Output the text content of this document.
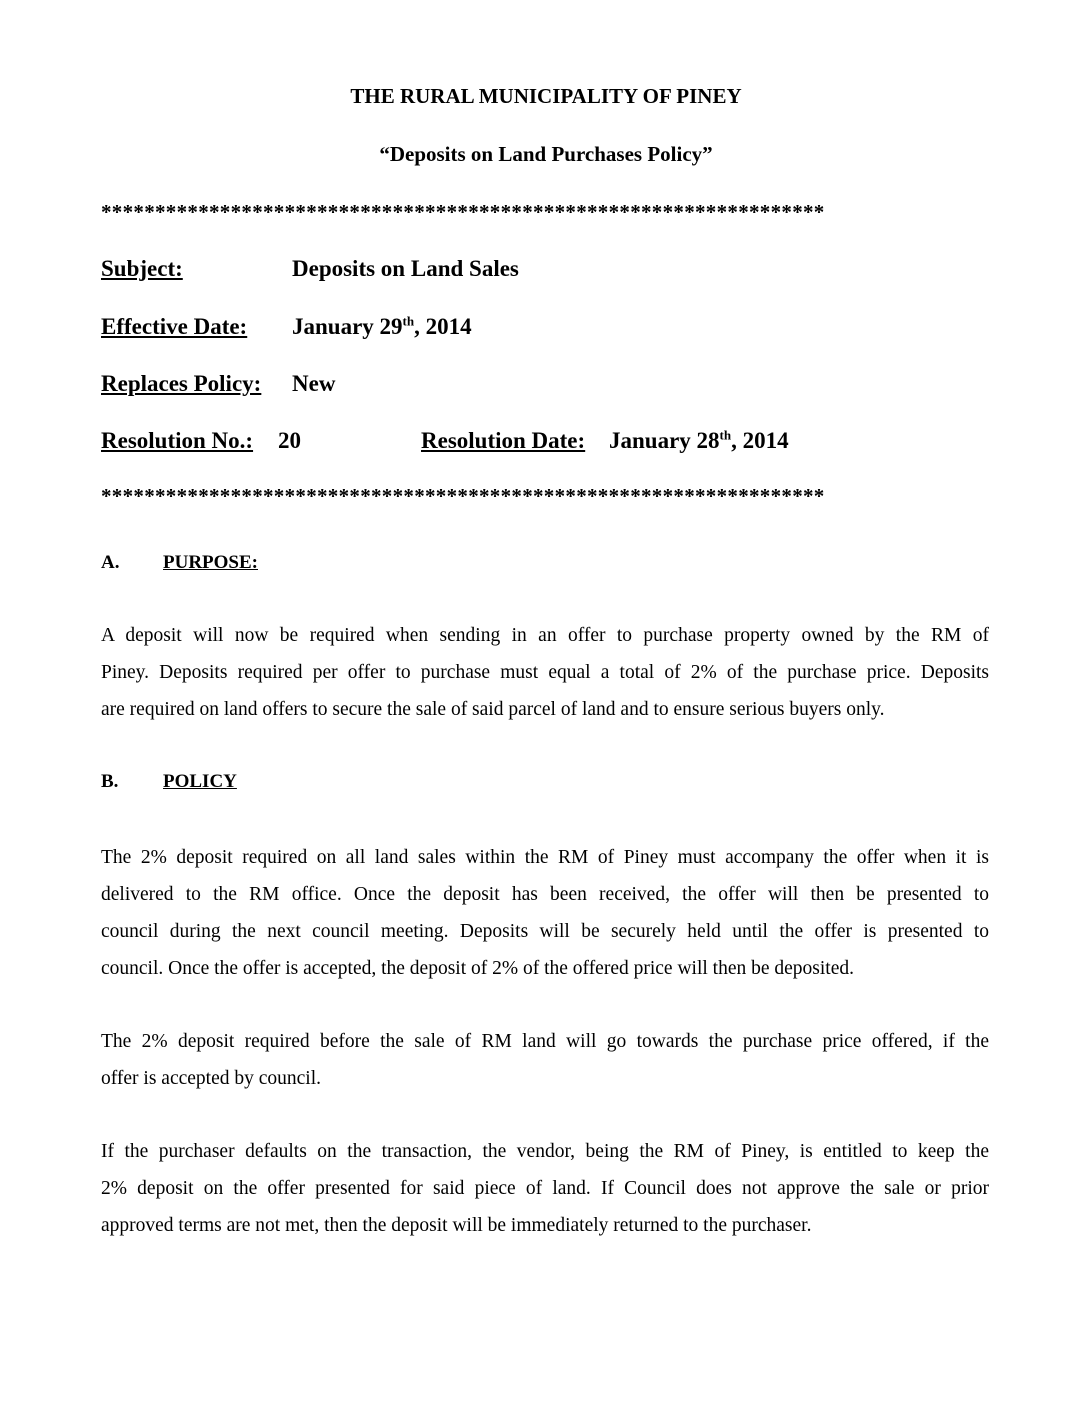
THE RURAL MUNICIPALITY OF PINEY
“Deposits on Land Purchases Policy”
*******************************************************************
Subject:	Deposits on Land Sales
Effective Date: January 29th, 2014
Replaces Policy: New
Resolution No.: 20	Resolution Date: January 28th, 2014
*******************************************************************
A. PURPOSE:
A deposit will now be required when sending in an offer to purchase property owned by the RM of
Piney. Deposits required per offer to purchase must equal a total of 2% of the purchase price. Deposits
are required on land offers to secure the sale of said parcel of land and to ensure serious buyers only.
B. POLICY
The 2% deposit required on all land sales within the RM of Piney must accompany the offer when it is
delivered to the RM office. Once the deposit has been received, the offer will then be presented to
council during the next council meeting. Deposits will be securely held until the offer is presented to
council. Once the offer is accepted, the deposit of 2% of the offered price will then be deposited.
The 2% deposit required before the sale of RM land will go towards the purchase price offered, if the
offer is accepted by council.
If the purchaser defaults on the transaction, the vendor, being the RM of Piney, is entitled to keep the
2% deposit on the offer presented for said piece of land. If Council does not approve the sale or prior
approved terms are not met, then the deposit will be immediately returned to the purchaser.
